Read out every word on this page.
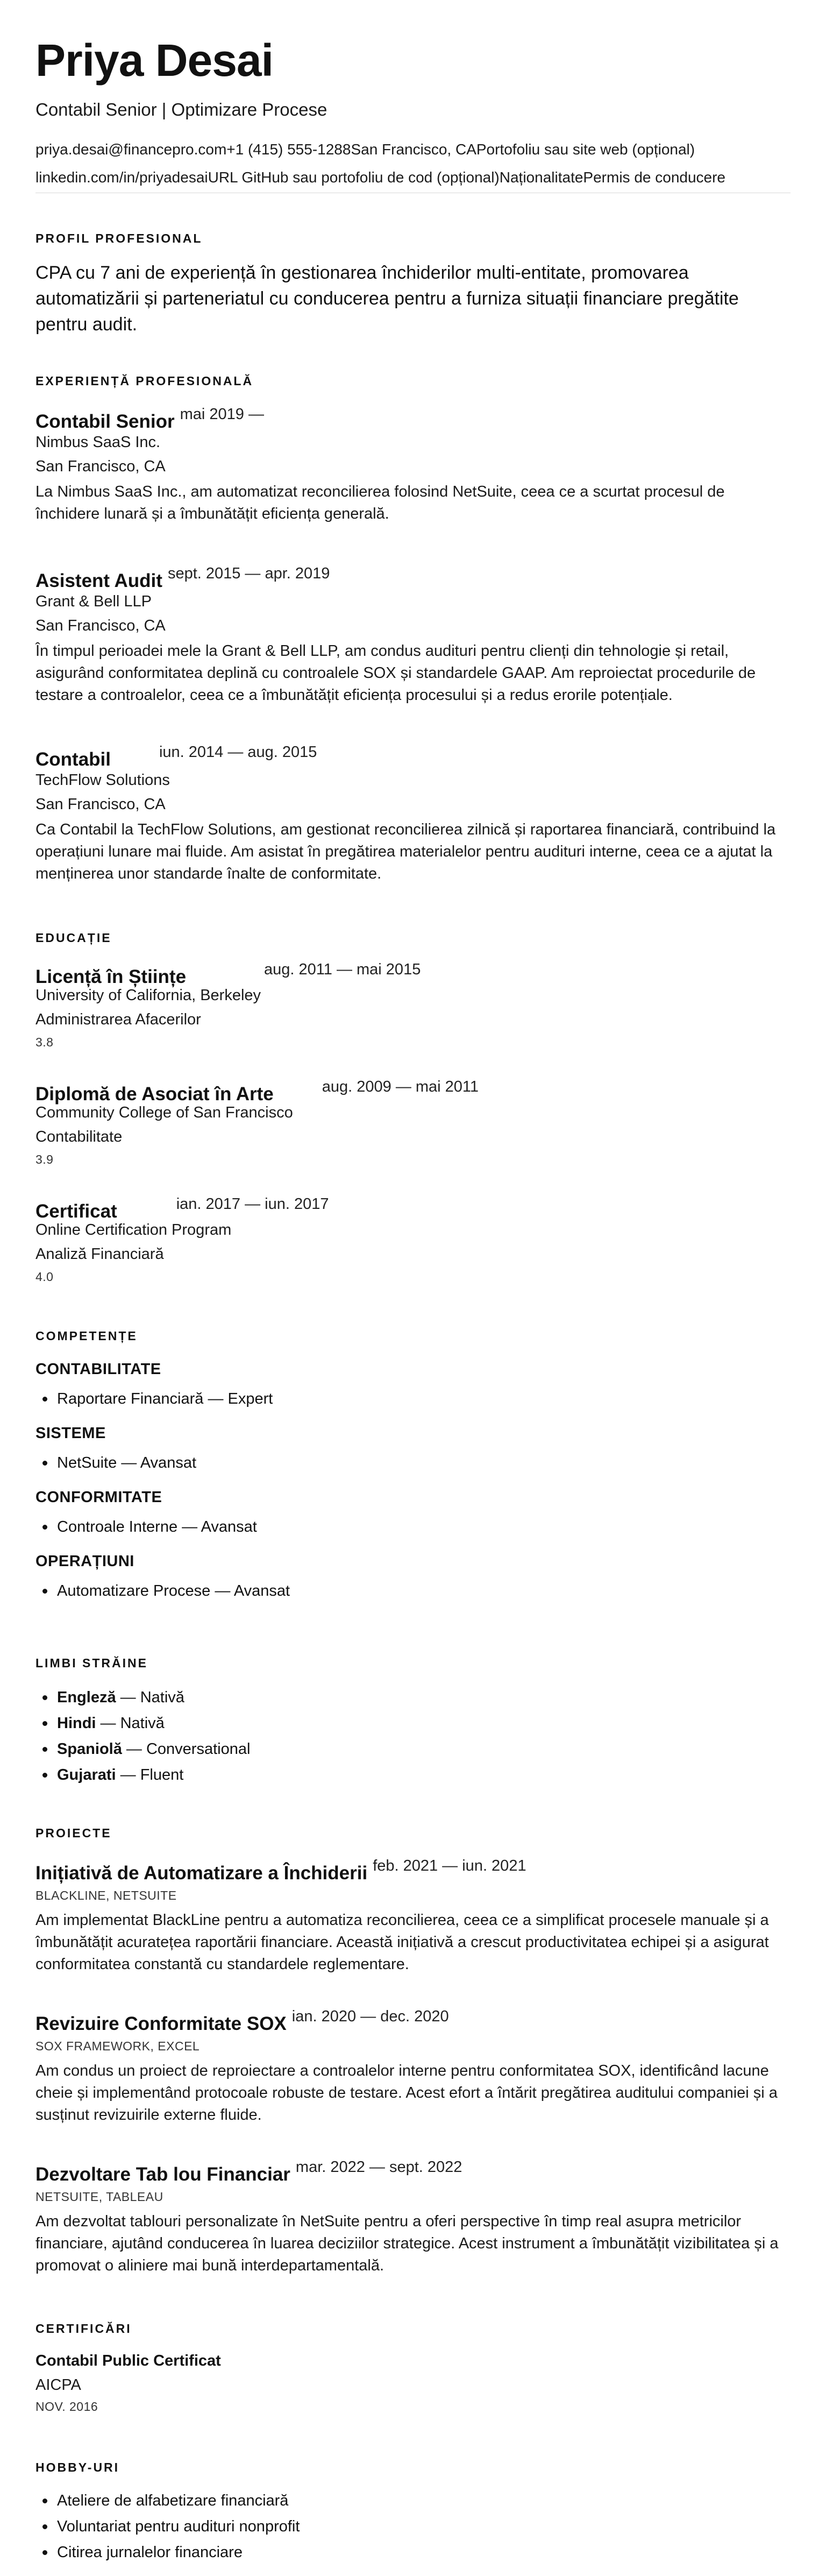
Priya Desai
Contabil Senior | Optimizare Procese
priya.desai@financepro.com+1 (415) 555-1288San Francisco, CAPortofoliu sau site web (opțional)
linkedin.com/in/priyadesaiURL GitHub sau portofoliu de cod (opțional)NaționalitatePermis de conducere
PROFIL PROFESIONAL
CPA cu 7 ani de experiență în gestionarea închiderilor multi-entitate, promovarea automatizării și parteneriatul cu conducerea pentru a furniza situații financiare pregătite pentru audit.
EXPERIENȚĂ PROFESIONALĂ
Contabil Senior mai 2019 —
Nimbus SaaS Inc.
San Francisco, CA
La Nimbus SaaS Inc., am automatizat reconcilierea folosind NetSuite, ceea ce a scurtat procesul de închidere lunară și a îmbunătățit eficiența generală.
Asistent Audit sept. 2015 — apr. 2019
Grant & Bell LLP
San Francisco, CA
În timpul perioadei mele la Grant & Bell LLP, am condus audituri pentru clienți din tehnologie și retail, asigurând conformitatea deplină cu controalele SOX și standardele GAAP. Am reproiectat procedurile de testare a controalelor, ceea ce a îmbunătățit eficiența procesului și a redus erorile potențiale.
Contabil	iun. 2014 — aug. 2015
TechFlow Solutions
San Francisco, CA
Ca Contabil la TechFlow Solutions, am gestionat reconcilierea zilnică și raportarea financiară, contribuind la operațiuni lunare mai fluide. Am asistat în pregătirea materialelor pentru audituri interne, ceea ce a ajutat la menținerea unor standarde înalte de conformitate.
EDUCAȚIE
Licență în Științe	aug. 2011 — mai 2015
University of California, Berkeley
Administrarea Afacerilor
3.8
Diplomă de Asociat în Arte	aug. 2009 — mai 2011
Community College of San Francisco
Contabilitate
3.9
Certificat	ian. 2017 — iun. 2017
Online Certification Program
Analiză Financiară
4.0
COMPETENȚE
CONTABILITATE
Raportare Financiară — Expert
SISTEME
NetSuite — Avansat
CONFORMITATE
Controale Interne — Avansat
OPERAȚIUNI
Automatizare Procese — Avansat
LIMBI STRĂINE
Engleză — Nativă
Hindi — Nativă
Spaniolă — Conversational
Gujarati — Fluent
PROIECTE
Inițiativă de Automatizare a Închiderii feb. 2021 — iun. 2021
BLACKLINE, NETSUITE
Am implementat BlackLine pentru a automatiza reconcilierea, ceea ce a simplificat procesele manuale și a îmbunătățit acuratețea raportării financiare. Această inițiativă a crescut productivitatea echipei și a asigurat conformitatea constantă cu standardele reglementare.
Revizuire Conformitate SOX ian. 2020 — dec. 2020
SOX FRAMEWORK, EXCEL
Am condus un proiect de reproiectare a controalelor interne pentru conformitatea SOX, identificând lacune cheie și implementând protocoale robuste de testare. Acest efort a întărit pregătirea auditului companiei și a susținut revizuirile externe fluide.
Dezvoltare Tab lou Financiar mar. 2022 — sept. 2022
NETSUITE, TABLEAU
Am dezvoltat tablouri personalizate în NetSuite pentru a oferi perspective în timp real asupra metricilor financiare, ajutând conducerea în luarea deciziilor strategice. Acest instrument a îmbunătățit vizibilitatea și a promovat o aliniere mai bună interdepartamentală.
CERTIFICĂRI
Contabil Public Certificat
AICPA
NOV. 2016
HOBBY-URI
Ateliere de alfabetizare financiară
Voluntariat pentru audituri nonprofit
Citirea jurnalelor financiare
